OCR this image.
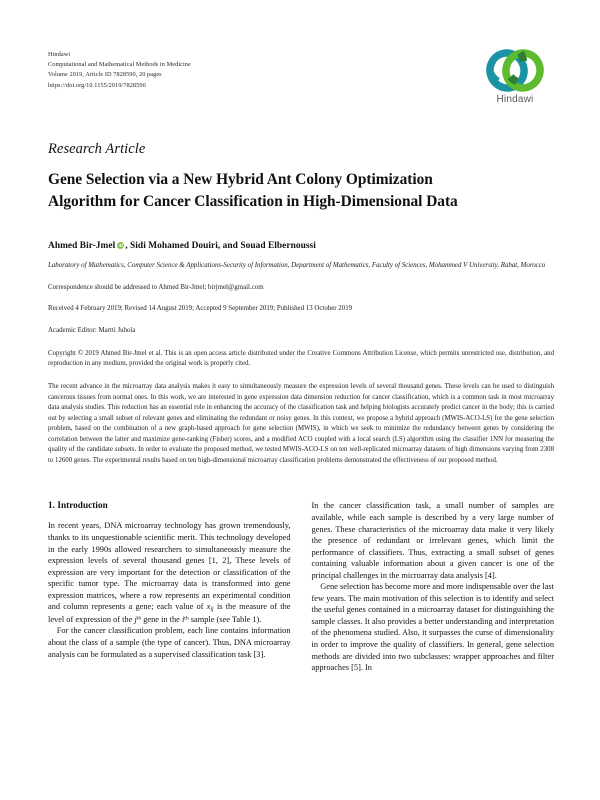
Hindawi
Computational and Mathematical Methods in Medicine
Volume 2019, Article ID 7828590, 20 pages
https://doi.org/10.1155/2019/7828590
Hindawi
Research Article
Gene Selection via a New Hybrid Ant Colony Optimization
Algorithm for Cancer Classification in High-Dimensional Data
Ahmed Bir-Jmel iD , Sidi Mohamed Douiri, and Souad Elbernoussi
Laboratory of Mathematics, Computer Science & Applications-Security of Information, Department of Mathematics, Faculty of Sciences, Mohammed V University, Rabat, Morocco
Correspondence should be addressed to Ahmed Bir-Jmel; birjmel@gmail.com
Received 4 February 2019; Revised 14 August 2019; Accepted 9 September 2019; Published 13 October 2019
Academic Editor: Martti Juhola
Copyright © 2019 Ahmed Bir-Jmel et al. This is an open access article distributed under the Creative Commons Attribution License, which permits unrestricted use, distribution, and reproduction in any medium, provided the original work is properly cited.
The recent advance in the microarray data analysis makes it easy to simultaneously measure the expression levels of several thousand genes. These levels can be used to distinguish cancerous tissues from normal ones. In this work, we are interested in gene expression data dimension reduction for cancer classification, which is a common task in most microarray data analysis studies. This reduction has an essential role in enhancing the accuracy of the classification task and helping biologists accurately predict cancer in the body; this is carried out by selecting a small subset of relevant genes and eliminating the redundant or noisy genes. In this context, we propose a hybrid approach (MWIS-ACO-LS) for the gene selection problem, based on the combination of a new graph-based approach for gene selection (MWIS), in which we seek to minimize the redundancy between genes by considering the correlation between the latter and maximize gene-ranking (Fisher) scores, and a modified ACO coupled with a local search (LS) algorithm using the classifier 1NN for measuring the quality of the candidate subsets. In order to evaluate the proposed method, we tested MWIS-ACO-LS on ten well-replicated microarray datasets of high dimensions varying from 2308 to 12600 genes. The experimental results based on ten high-dimensional microarray classification problems demonstrated the effectiveness of our proposed method.
1. Introduction

In recent years, DNA microarray technology has grown tremendously, thanks to its unquestionable scientific merit. This technology developed in the early 1990s allowed researchers to simultaneously measure the expression levels of several thousand genes [1, 2], These levels of expression are very important for the detection or classification of the specific tumor type. The microarray data is transformed into gene expression matrices, where a row represents an experimental condition and column represents a gene; each value of $x_{ij}$ is the measure of the level of expression of the $j^{th}$ gene in the $i^{th}$ sample (see Table 1).

For the cancer classification problem, each line contains information about the class of a sample (the type of cancer). Thus, DNA microarray analysis can be formulated as a supervised classification task [3].

In the cancer classification task, a small number of samples are available, while each sample is described by a very large number of genes. These characteristics of the microarray data make it very likely the presence of redundant or irrelevant genes, which limit the performance of classifiers. Thus, extracting a small subset of genes containing valuable information about a given cancer is one of the principal challenges in the microarray data analysis [4].

Gene selection has become more and more indispensable over the last few years. The main motivation of this selection is to identify and select the useful genes contained in a microarray dataset for distinguishing the sample classes. It also provides a better understanding and interpretation of the phenomena studied. Also, it surpasses the curse of dimensionality in order to improve the quality of classifiers. In general, gene selection methods are divided into two subclasses: wrapper approaches and filter approaches [5]. In
